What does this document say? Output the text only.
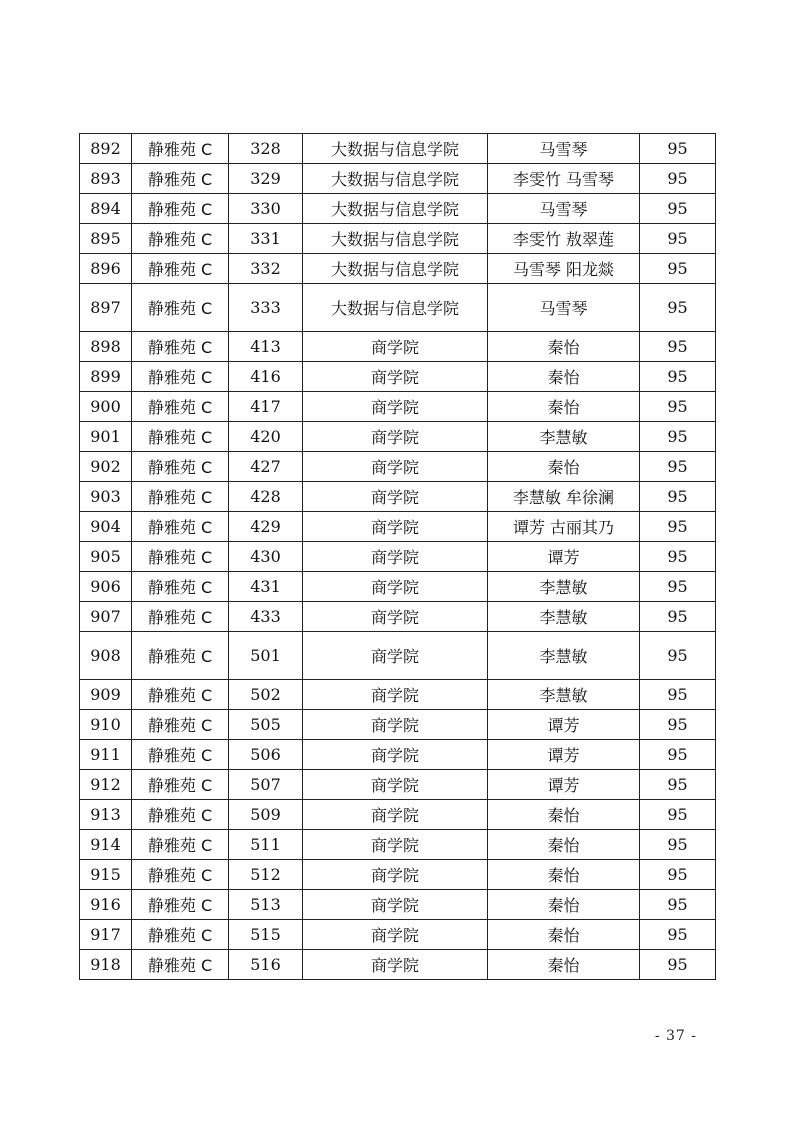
892	静雅苑 C	328	大数据与信息学院	马雪琴	95
893	静雅苑 C	329	大数据与信息学院	李雯竹 马雪琴	95
894	静雅苑 C	330	大数据与信息学院	马雪琴	95
895	静雅苑 C	331	大数据与信息学院	李雯竹 敖翠莲	95
896	静雅苑 C	332	大数据与信息学院	马雪琴 阳龙燚	95
897	静雅苑 C	333	大数据与信息学院	马雪琴	95
898	静雅苑 C	413	商学院	秦怡	95
899	静雅苑 C	416	商学院	秦怡	95
900	静雅苑 C	417	商学院	秦怡	95
901	静雅苑 C	420	商学院	李慧敏	95
902	静雅苑 C	427	商学院	秦怡	95
903	静雅苑 C	428	商学院	李慧敏 牟徐澜	95
904	静雅苑 C	429	商学院	谭芳 古丽其乃	95
905	静雅苑 C	430	商学院	谭芳	95
906	静雅苑 C	431	商学院	李慧敏	95
907	静雅苑 C	433	商学院	李慧敏	95
908	静雅苑 C	501	商学院	李慧敏	95
909	静雅苑 C	502	商学院	李慧敏	95
910	静雅苑 C	505	商学院	谭芳	95
911	静雅苑 C	506	商学院	谭芳	95
912	静雅苑 C	507	商学院	谭芳	95
913	静雅苑 C	509	商学院	秦怡	95
914	静雅苑 C	511	商学院	秦怡	95
915	静雅苑 C	512	商学院	秦怡	95
916	静雅苑 C	513	商学院	秦怡	95
917	静雅苑 C	515	商学院	秦怡	95
918	静雅苑 C	516	商学院	秦怡	95
- 37 -
